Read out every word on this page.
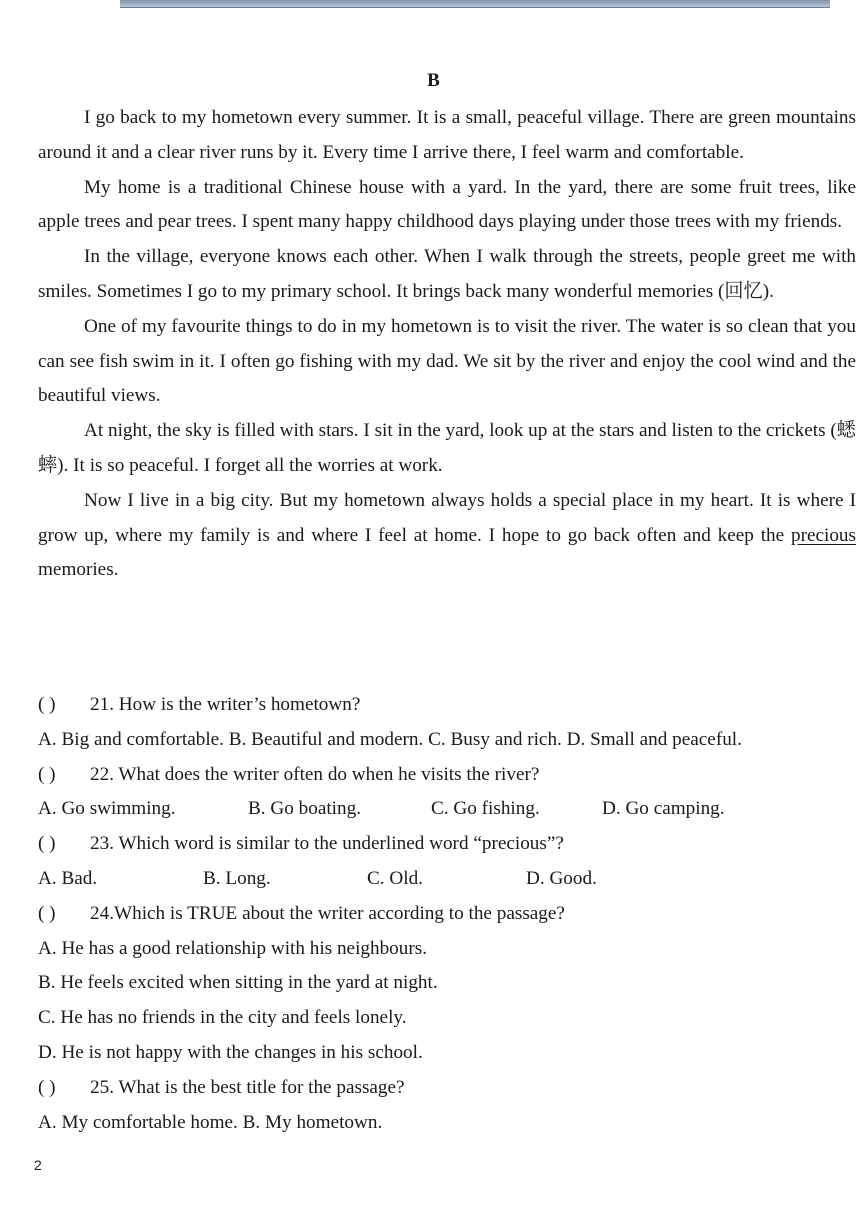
B

I go back to my hometown every summer. It is a small, peaceful village. There are green mountains around it and a clear river runs by it. Every time I arrive there, I feel warm and comfortable.

My home is a traditional Chinese house with a yard. In the yard, there are some fruit trees, like apple trees and pear trees. I spent many happy childhood days playing under those trees with my friends.

In the village, everyone knows each other. When I walk through the streets, people greet me with smiles. Sometimes I go to my primary school. It brings back many wonderful memories (回忆).

One of my favourite things to do in my hometown is to visit the river. The water is so clean that you can see fish swim in it. I often go fishing with my dad. We sit by the river and enjoy the cool wind and the beautiful views.

At night, the sky is filled with stars. I sit in the yard, look up at the stars and listen to the crickets (蟋蟀). It is so peaceful. I forget all the worries at work.

Now I live in a big city. But my hometown always holds a special place in my heart. It is where I grow up, where my family is and where I feel at home. I hope to go back often and keep the precious memories.

( ) 21. How is the writer’s hometown?
A. Big and comfortable. B. Beautiful and modern. C. Busy and rich. D. Small and peaceful.
( ) 22. What does the writer often do when he visits the river?
A. Go swimming.	B. Go boating.	C. Go fishing.	D. Go camping.
( ) 23. Which word is similar to the underlined word “precious”?
A. Bad.	B. Long.	C. Old.	D. Good.
( ) 24.Which is TRUE about the writer according to the passage?
A. He has a good relationship with his neighbours.
B. He feels excited when sitting in the yard at night.
C. He has no friends in the city and feels lonely.
D. He is not happy with the changes in his school.
( ) 25. What is the best title for the passage?
A. My comfortable home. B. My hometown.
2
